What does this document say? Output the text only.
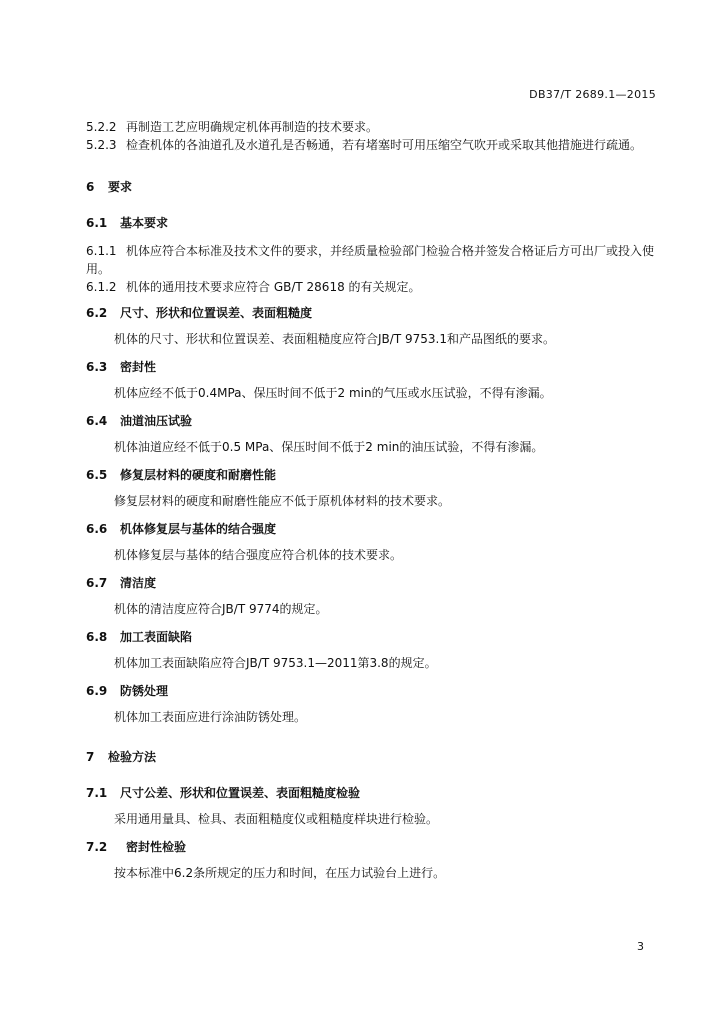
DB37/T 2689.1—2015

5.2.2 再制造工艺应明确规定机体再制造的技术要求。

5.2.3 检查机体的各油道孔及水道孔是否畅通，若有堵塞时可用压缩空气吹开或采取其他措施进行疏通。

6 要求

6.1 基本要求

6.1.1 机体应符合本标准及技术文件的要求，并经质量检验部门检验合格并签发合格证后方可出厂或投入使用。

6.1.2 机体的通用技术要求应符合 GB/T 28618 的有关规定。

6.2 尺寸、形状和位置误差、表面粗糙度

机体的尺寸、形状和位置误差、表面粗糙度应符合JB/T 9753.1和产品图纸的要求。

6.3 密封性

机体应经不低于0.4MPa、保压时间不低于2 min的气压或水压试验，不得有渗漏。

6.4 油道油压试验

机体油道应经不低于0.5 MPa、保压时间不低于2 min的油压试验，不得有渗漏。

6.5 修复层材料的硬度和耐磨性能

修复层材料的硬度和耐磨性能应不低于原机体材料的技术要求。

6.6 机体修复层与基体的结合强度

机体修复层与基体的结合强度应符合机体的技术要求。

6.7 清洁度

机体的清洁度应符合JB/T 9774的规定。

6.8 加工表面缺陷

机体加工表面缺陷应符合JB/T 9753.1—2011第3.8的规定。

6.9 防锈处理

机体加工表面应进行涂油防锈处理。

7 检验方法

7.1 尺寸公差、形状和位置误差、表面粗糙度检验

采用通用量具、检具、表面粗糙度仪或粗糙度样块进行检验。

7.2 密封性检验

按本标准中6.2条所规定的压力和时间，在压力试验台上进行。

3
